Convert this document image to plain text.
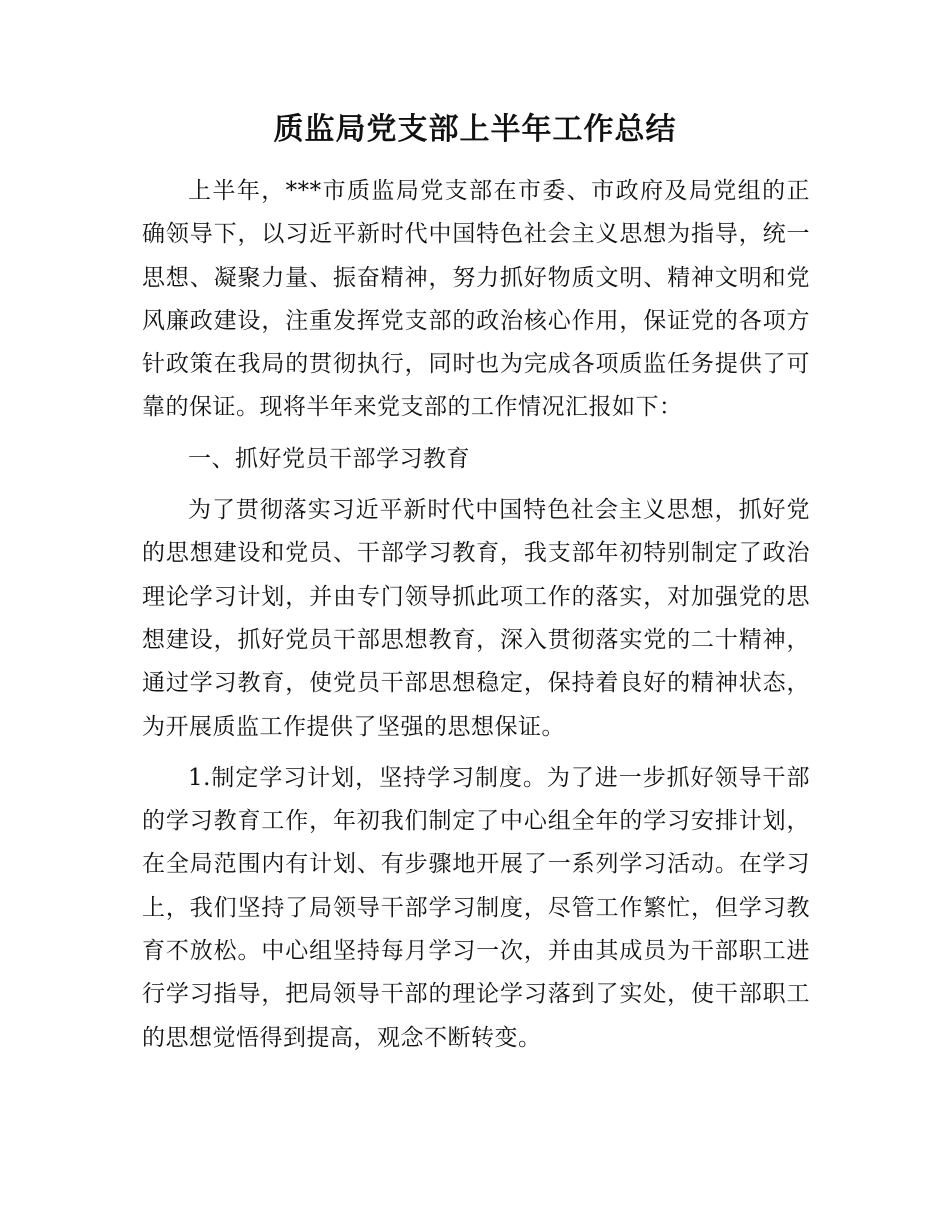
质监局党支部上半年工作总结

上半年，***市质监局党支部在市委、市政府及局党组的正确领导下，以习近平新时代中国特色社会主义思想为指导，统一思想、凝聚力量、振奋精神，努力抓好物质文明、精神文明和党风廉政建设，注重发挥党支部的政治核心作用，保证党的各项方针政策在我局的贯彻执行，同时也为完成各项质监任务提供了可靠的保证。现将半年来党支部的工作情况汇报如下：

一、抓好党员干部学习教育

为了贯彻落实习近平新时代中国特色社会主义思想，抓好党的思想建设和党员、干部学习教育，我支部年初特别制定了政治理论学习计划，并由专门领导抓此项工作的落实，对加强党的思想建设，抓好党员干部思想教育，深入贯彻落实党的二十精神，通过学习教育，使党员干部思想稳定，保持着良好的精神状态，为开展质监工作提供了坚强的思想保证。

1.制定学习计划，坚持学习制度。为了进一步抓好领导干部的学习教育工作，年初我们制定了中心组全年的学习安排计划，在全局范围内有计划、有步骤地开展了一系列学习活动。在学习上，我们坚持了局领导干部学习制度，尽管工作繁忙，但学习教育不放松。中心组坚持每月学习一次，并由其成员为干部职工进行学习指导，把局领导干部的理论学习落到了实处，使干部职工的思想觉悟得到提高，观念不断转变。
